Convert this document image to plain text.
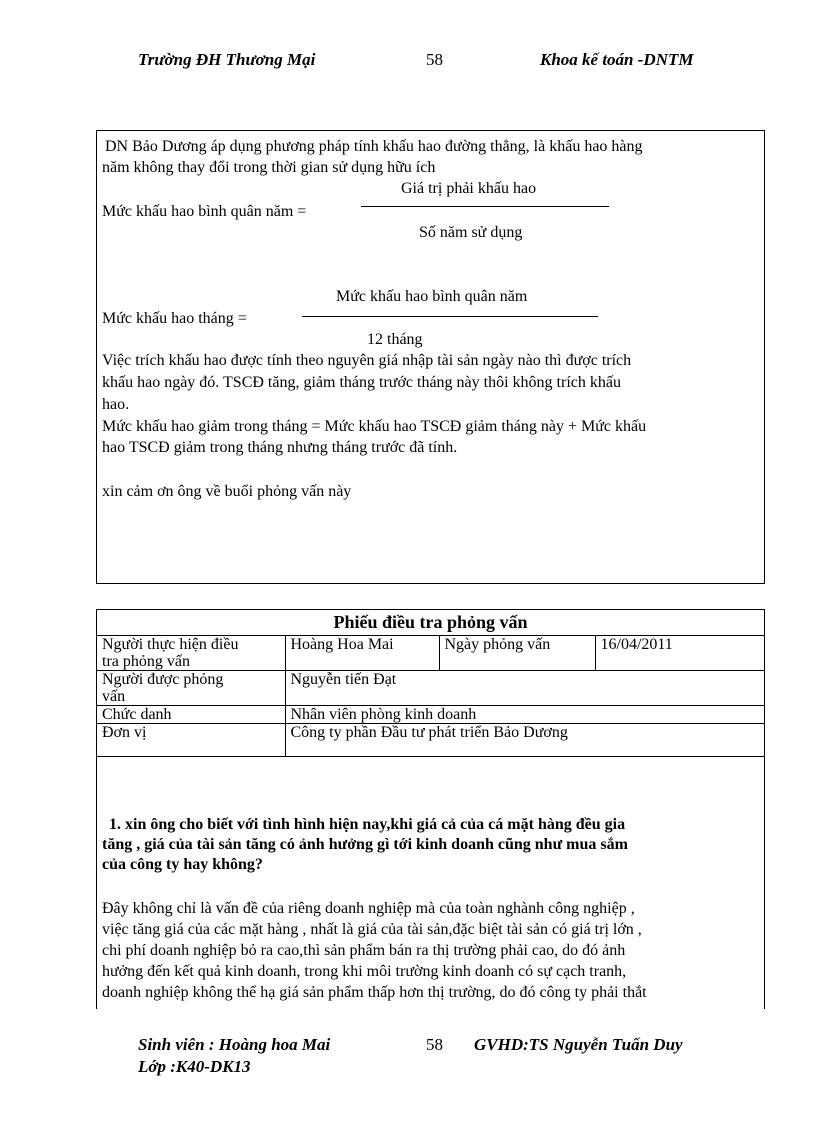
Trường ĐH Thương Mại	58	Khoa kế toán -DNTM
DN Bảo Dương áp dụng phương pháp tính khấu hao đường thẳng, là khấu hao hàng
năm không thay đổi trong thời gian sử dụng hữu ích
Giá trị phải khấu hao
Mức khấu hao bình quân năm =
Số năm sử dụng
Mức khấu hao bình quân năm
Mức khấu hao tháng =
12 tháng
Việc trích khấu hao được tính theo nguyên giá nhập tài sản ngày nào thì được trích
khấu hao ngày đó. TSCĐ tăng, giảm tháng trước tháng này thôi không trích khấu
hao.
Mức khấu hao giảm trong tháng = Mức khấu hao TSCĐ giảm tháng này + Mức khấu
hao TSCĐ giảm trong tháng nhưng tháng trước đã tính.
xin cảm ơn ông về buổi phỏng vấn này
Phiếu điều tra phỏng vấn
Người thực hiện điều
tra phỏng vấn	Hoàng Hoa Mai	Ngày phỏng vấn	16/04/2011

Người được phỏng
vấn	Nguyễn tiến Đạt		
Chức danh	Nhân viên phòng kinh doanh		
Đơn vị	Công ty phần Đầu tư phát triển Bảo Dương		
1. xin ông cho biết với tình hình hiện nay,khi giá cả của cá mặt hàng đều gia
tăng , giá của tài sản tăng có ảnh hưởng gì tới kinh doanh cũng như mua sắm
của công ty hay không?
Đây không chỉ là vấn đề của riêng doanh nghiệp mà của toàn nghành công nghiệp ,
việc tăng giá của các mặt hàng , nhất là giá của tài sản,đặc biệt tài sản có giá trị lớn ,
chi phí doanh nghiệp bỏ ra cao,thì sản phẩm bán ra thị trường phải cao, do đó ảnh
hưởng đến kết quả kinh doanh, trong khi môi trường kinh doanh có sự cạch tranh,
doanh nghiệp không thể hạ giá sản phẩm thấp hơn thị trường, do đó công ty phải thắt
Sinh viên : Hoàng hoa Mai	58 GVHD:TS Nguyễn Tuấn Duy
Lớp :K40-DK13
